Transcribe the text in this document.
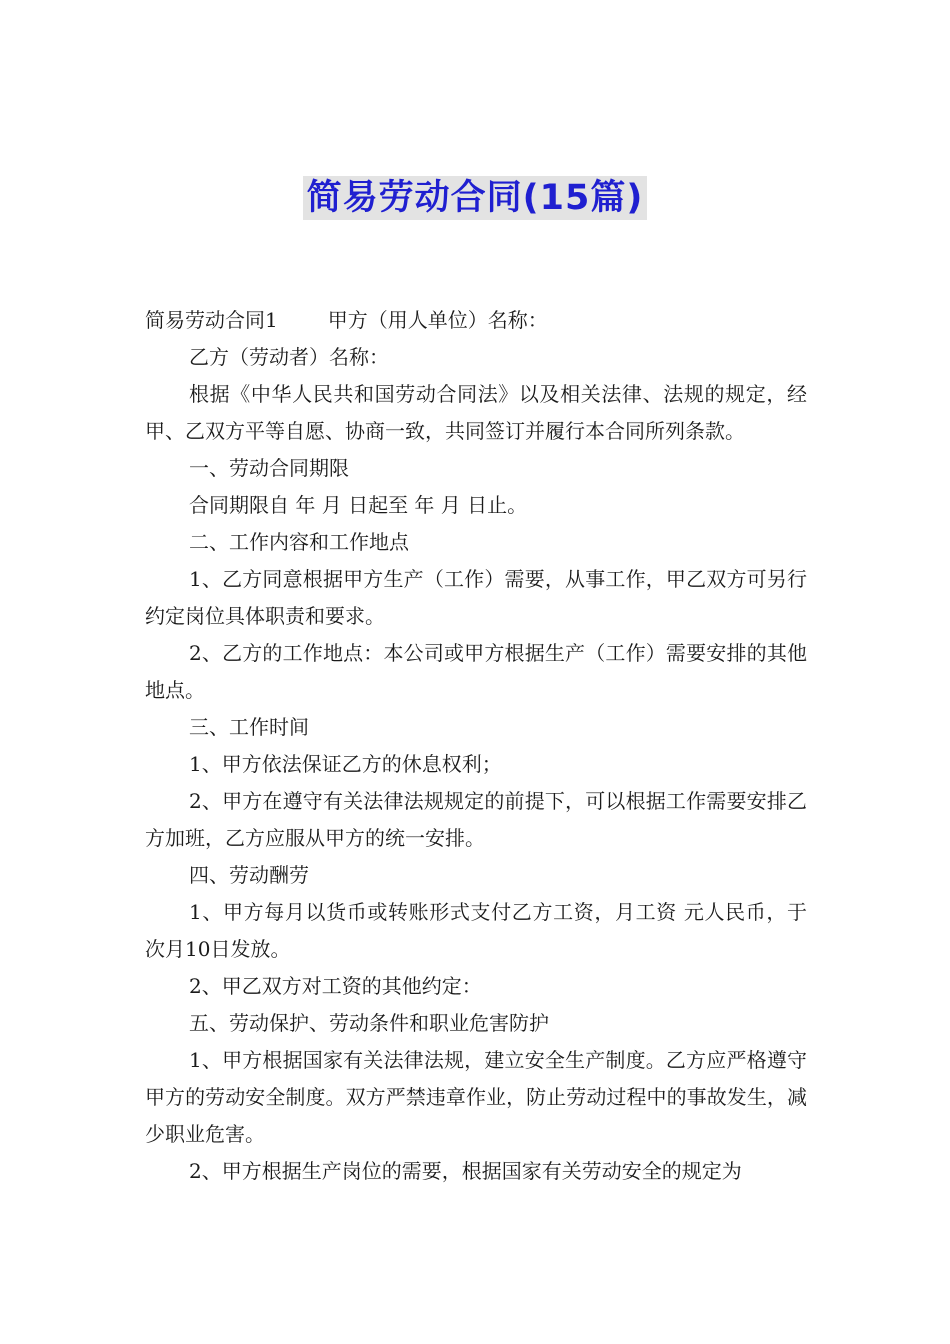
简易劳动合同(15篇)

简易劳动合同1	甲方（用人单位）名称：

乙方（劳动者）名称：

根据《中华人民共和国劳动合同法》以及相关法律、法规的规定，经甲、乙双方平等自愿、协商一致，共同签订并履行本合同所列条款。

一、劳动合同期限

合同期限自 年 月 日起至 年 月 日止。

二、工作内容和工作地点

1、乙方同意根据甲方生产（工作）需要，从事工作，甲乙双方可另行约定岗位具体职责和要求。

2、乙方的工作地点：本公司或甲方根据生产（工作）需要安排的其他地点。

三、工作时间

1、甲方依法保证乙方的休息权利；

2、甲方在遵守有关法律法规规定的前提下，可以根据工作需要安排乙方加班，乙方应服从甲方的统一安排。

四、劳动酬劳

1、甲方每月以货币或转账形式支付乙方工资，月工资 元人民币，于次月10日发放。

2、甲乙双方对工资的其他约定：

五、劳动保护、劳动条件和职业危害防护

1、甲方根据国家有关法律法规，建立安全生产制度。乙方应严格遵守甲方的劳动安全制度。双方严禁违章作业，防止劳动过程中的事故发生，减少职业危害。

2、甲方根据生产岗位的需要，根据国家有关劳动安全的规定为
